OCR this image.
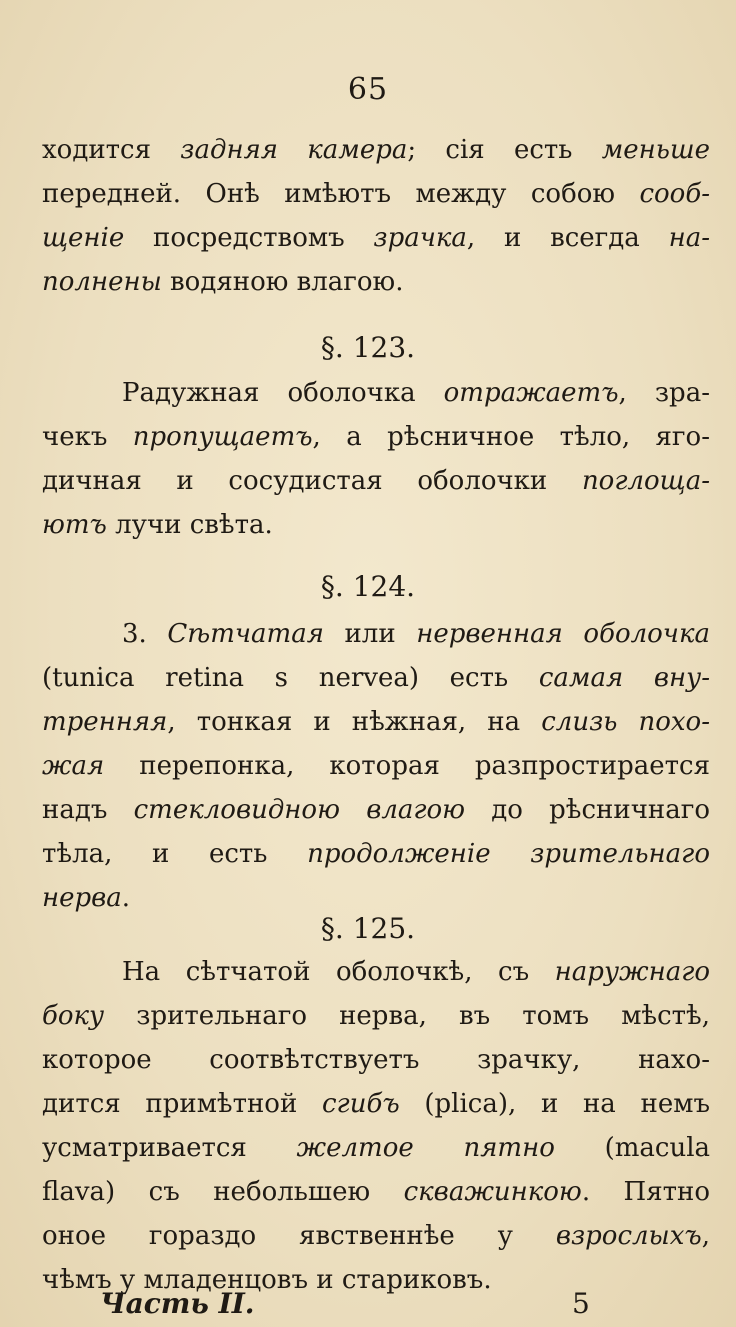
65
ходится задняя камера; сія есть меньше
передней. Онѣ имѣютъ между собою сооб-
щеніе посредствомъ зрачка, и всегда на-
полнены водяною влагою.
§. 123.
Радужная оболочка отражаетъ, зра-
чекъ пропущаетъ, а рѣсничное тѣло, яго-
дичная и сосудистая оболочки поглоща-
ютъ лучи свѣта.
§. 124.
3. Сѣтчатая или нервенная оболочка
(tunica retina s nervea) есть самая вну-
тренняя, тонкая и нѣжная, на слизь похо-
жая перепонка, которая разпростирается
надъ стекловидною влагою до рѣсничнаго
тѣла, и есть продолженіе зрительнаго
нерва.
§. 125.
На сѣтчатой оболочкѣ, съ наружнаго
боку зрительнаго нерва, въ томъ мѣстѣ,
которое соотвѣтствуетъ зрачку, нахо-
дится примѣтной сгибъ (plica), и на немъ
усматривается желтое пятно (macula
flava) съ небольшею скважинкою. Пятно
оное гораздо явственнѣе у взрослыхъ,
чѣмъ у младенцовъ и стариковъ.
Часть II.	5
